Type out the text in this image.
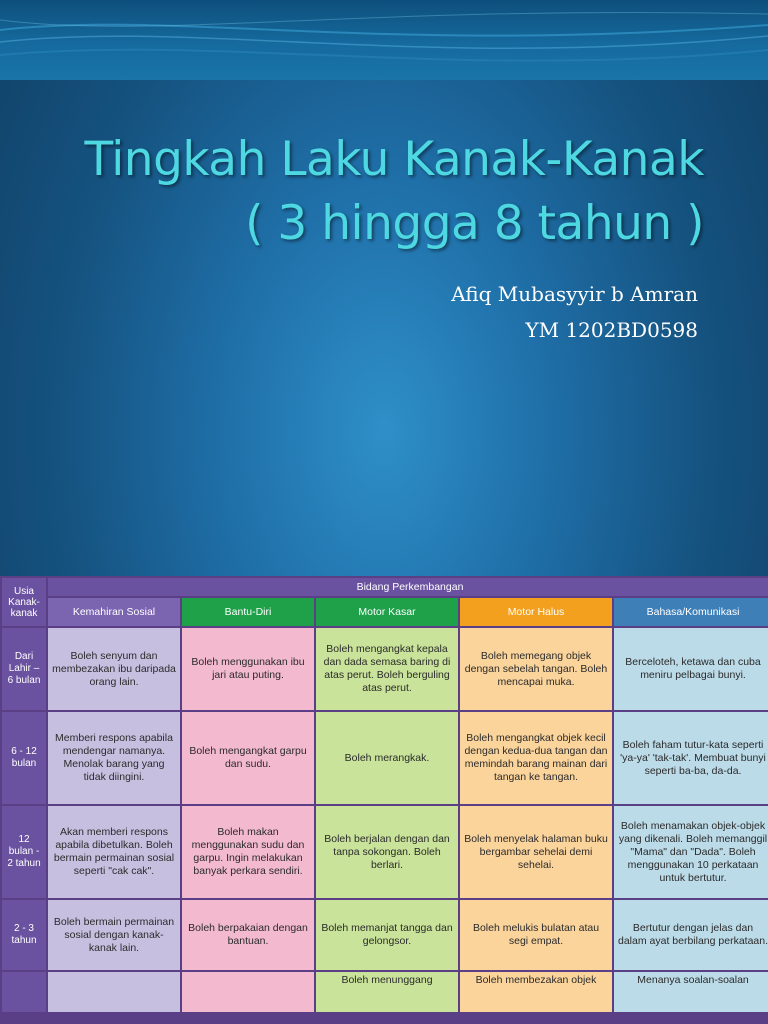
Tingkah Laku Kanak-Kanak
( 3 hingga 8 tahun )
Afiq Mubasyyir b Amran
YM 1202BD0598
Usia Kanak-kanak	Bidang Perkembangan				
	Kemahiran Sosial	Bantu-Diri	Motor Kasar	Motor Halus	Bahasa/Komunikasi
Dari Lahir – 6 bulan	Boleh senyum dan membezakan ibu daripada orang lain.	Boleh menggunakan ibu jari atau puting.	Boleh mengangkat kepala dan dada semasa baring di atas perut. Boleh berguling atas perut.	Boleh memegang objek dengan sebelah tangan. Boleh mencapai muka.	Berceloteh, ketawa dan cuba meniru pelbagai bunyi.
6 - 12 bulan	Memberi respons apabila mendengar namanya. Menolak barang yang tidak diingini.	Boleh mengangkat garpu dan sudu.	Boleh merangkak.	Boleh mengangkat objek kecil dengan kedua-dua tangan dan memindah barang mainan dari tangan ke tangan.	Boleh faham tutur-kata seperti 'ya-ya' 'tak-tak'. Membuat bunyi seperti ba-ba, da-da.
12 bulan - 2 tahun	Akan memberi respons apabila dibetulkan. Boleh bermain permainan sosial seperti "cak cak".	Boleh makan menggunakan sudu dan garpu. Ingin melakukan banyak perkara sendiri.	Boleh berjalan dengan dan tanpa sokongan. Boleh berlari.	Boleh menyelak halaman buku bergambar sehelai demi sehelai.	Boleh menamakan objek-objek yang dikenali. Boleh memanggil "Mama" dan "Dada". Boleh menggunakan 10 perkataan untuk bertutur.
2 - 3 tahun	Boleh bermain permainan sosial dengan kanak-kanak lain.	Boleh berpakaian dengan bantuan.	Boleh memanjat tangga dan gelongsor.	Boleh melukis bulatan atau segi empat.	Bertutur dengan jelas dan dalam ayat berbilang perkataan.
			Boleh menunggang	Boleh membezakan objek	Menanya soalan-soalan
